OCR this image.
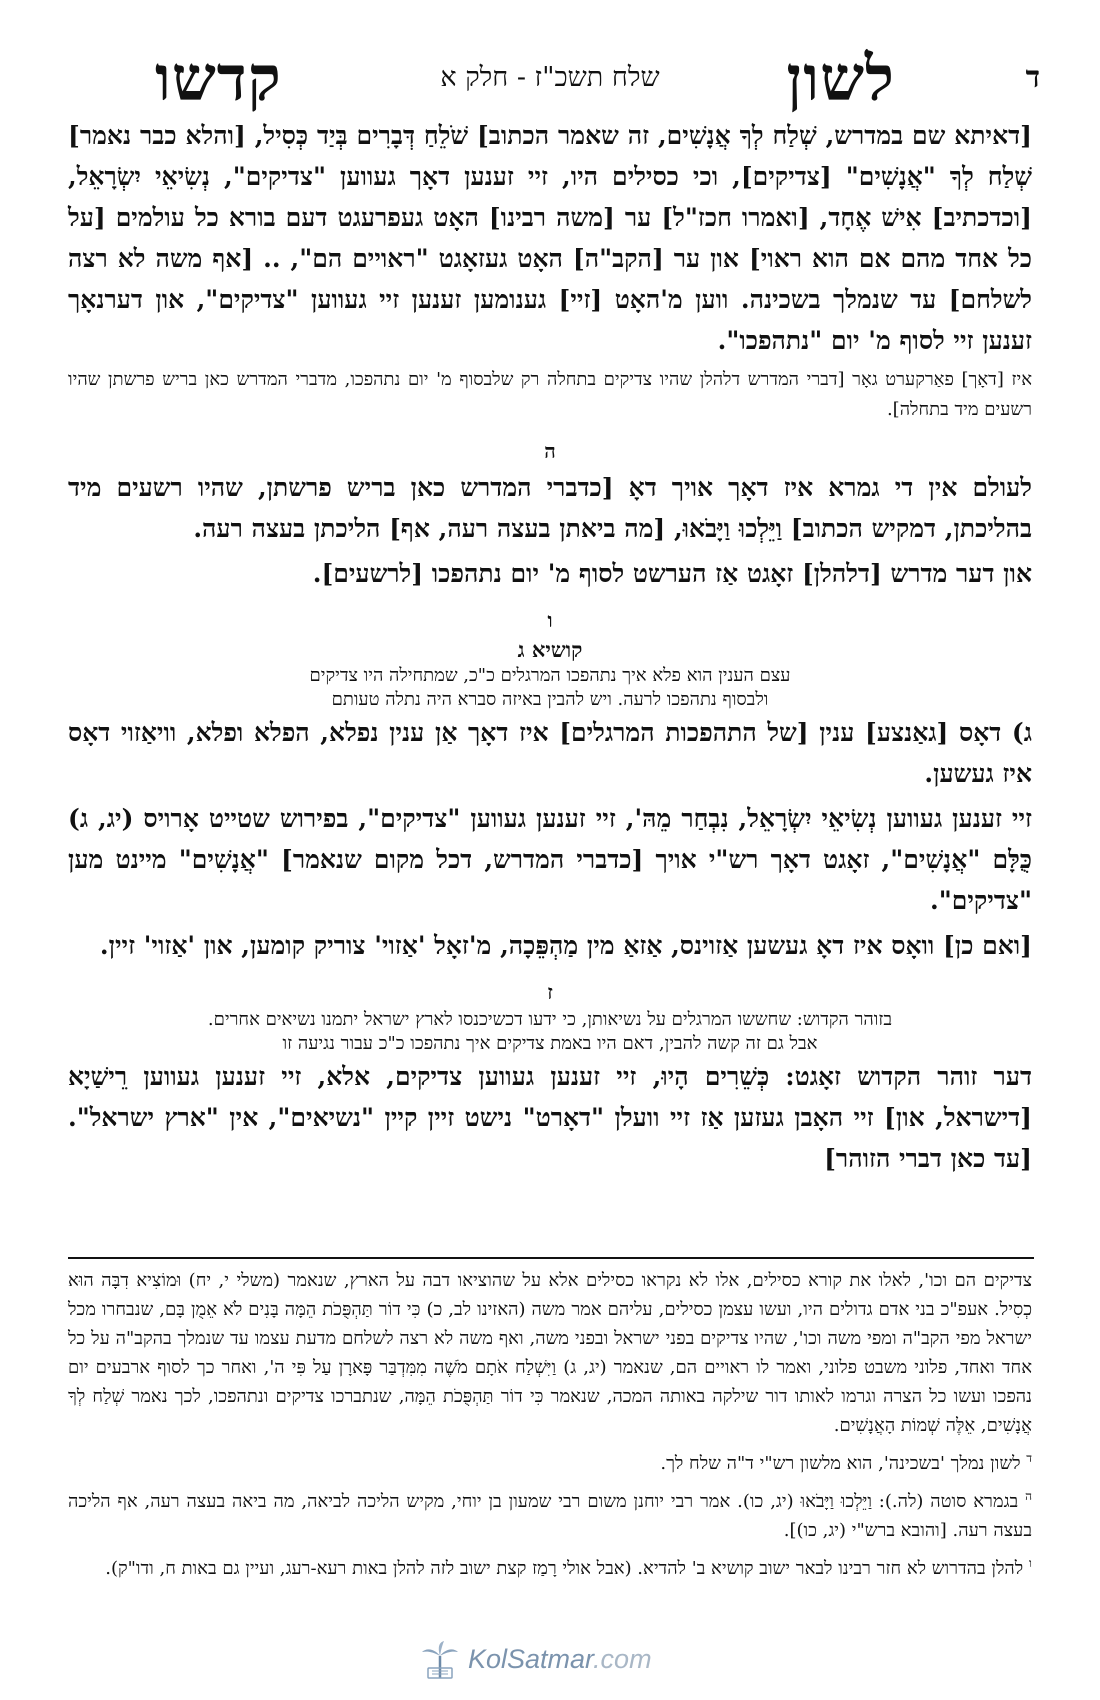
ד
לשון
שלח תשכ"ז - חלק א
קדשו

[דאיתא שם במדרש, שְׁלַח לְךָ אֲנָשִׁים, זה שאמר הכתוב] שֹׁלֵחַ דְּבָרִים בְּיַד כְּסִיל, [והלא כבר נאמר] שְׁלַח לְךָ "אֲנָשִׁים" [צדיקים], וכי כסילים היו, זיי זענען דאָך געווען "צדיקים", נְשִׂיאֵי יִשְׂרָאֵל, [וכדכתיב] אִישׁ אֶחָד, [ואמרו חכז"ל] ער [משה רבינו] האָט געפרעגט דעם בורא כל עולמים [על כל אחד מהם אם הוא ראוי] און ער [הקב"ה] האָט געזאָגט "ראויים הם", .. [אף משה לא רצה לשלחם] עד שנמלך בשכינה. ווען מ'האָט [זיי] גענומען זענען זיי געווען "צדיקים", און דערנאָך זענען זיי לסוף מ' יום "נתהפכו".

איז [דאָך] פאַרקערט גאָר [דברי המדרש דלהלן שהיו צדיקים בתחלה רק שלבסוף מ' יום נתהפכו, מדברי המדרש כאן בריש פרשתן שהיו רשעים מיד בתחלה].

ה

לעולם אין די גמרא איז דאָך אויך דאָ [כדברי המדרש כאן בריש פרשתן, שהיו רשעים מיד בהליכתן, דמקיש הכתוב] וַיֵּלְכוּ וַיָּבֹאוּ, [מה ביאתן בעצה רעה, אף] הליכתן בעצה רעה.

און דער מדרש [דלהלן] זאָגט אַז הערשט לסוף מ' יום נתהפכו [לרשעים].

ו
קושיא ג
עצם הענין הוא פלא איך נתהפכו המרגלים כ"כ, שמתחילה היו צדיקים
ולבסוף נתהפכו לרעה. ויש להבין באיזה סברא היה נתלה טעותם

ג) דאָס [גאַנצע] ענין [של התהפכות המרגלים] איז דאָך אַן ענין נפלא, הפלא ופלא, וויאַזוי דאָס איז געשען.

זיי זענען געווען נְשִׂיאֵי יִשְׂרָאֵל, נִבְחַר מֵהּ', זיי זענען געווען "צדיקים", בפירוש שטייט אָרויס (יג, ג) כֻּלָּם "אֲנָשִׁים", זאָגט דאָך רש"י אויך [כדברי המדרש, דכל מקום שנאמר] "אֲנָשִׁים" מיינט מען "צדיקים".

[ואם כן] וואָס איז דאָ געשען אַזוינס, אַזאַ מין מַהְפֵּכָה, מ'זאָל 'אַזוי' צוריק קומען, און 'אַזוי' זיין.

ז
בזוהר הקדוש: שחששו המרגלים על נשיאותן, כי ידעו דכשיכנסו לארץ ישראל יתמנו נשיאים אחרים.
אבל גם זה קשה להבין, דאם היו באמת צדיקים איך נתהפכו כ"כ עבור נגיעה זו

דער זוהר הקדוש זאָגט: כְּשֵׁרִים הָיוּ, זיי זענען געווען צדיקים, אלא, זיי זענען געווען רֵישַׁיָא [דישראל, און] זיי האָבן געזען אַז זיי וועלן "דאָרט" נישט זיין קיין "נשיאים", אין "ארץ ישראל". [עד כאן דברי הזוהר]

צדיקים הם וכו', לאלו את קורא כסילים, אלו לא נקראו כסילים אלא על שהוציאו דבה על הארץ, שנאמר (משלי י, יח) וּמוֹצִיא דִבָּה הוּא כְסִיל. אעפ"כ בני אדם גדולים היו, ועשו עצמן כסילים, עליהם אמר משה (האזינו לב, כ) כִּי דוֹר תַּהְפֻּכֹת הֵמָּה בָּנִים לֹא אֵמֻן בָּם, שנבחרו מכל ישראל מפי הקב"ה ומפי משה וכו', שהיו צדיקים בפני ישראל ובפני משה, ואף משה לא רצה לשלחם מדעת עצמו עד שנמלך בהקב"ה על כל אחד ואחד, פלוני משבט פלוני, ואמר לו ראויים הם, שנאמר (יג, ג) וַיִּשְׁלַח אֹתָם מֹשֶׁה מִמִּדְבַּר פָּארָן עַל פִּי ה', ואחר כך לסוף ארבעים יום נהפכו ועשו כל הצרה וגרמו לאותו דור שילקה באותה המכה, שנאמר כִּי דוֹר תַּהְפֻּכֹת הֵמָּה, שנתברכו צדיקים ונתהפכו, לכך נאמר שְׁלַח לְךָ אֲנָשִׁים, אֵלֶּה שְׁמוֹת הָאֲנָשִׁים.
$^ד$ לשון נמלך 'בשכינה', הוא מלשון רש"י ד"ה שלח לך.
$^ה$ בגמרא סוטה (לה.): וַיֵּלְכוּ וַיָּבֹאוּ (יג, כו). אמר רבי יוחנן משום רבי שמעון בן יוחי, מקיש הליכה לביאה, מה ביאה בעצה רעה, אף הליכה בעצה רעה. [והובא ברש"י (יג, כו)].
$^ו$ להלן בהדרוש לא חזר רבינו לבאר ישוב קושיא ב' להדיא. (אבל אולי רָמַז קצת ישוב לזה להלן באות רעא-רעג, ועיין גם באות ח, ודו"ק).
KolSatmar.com
